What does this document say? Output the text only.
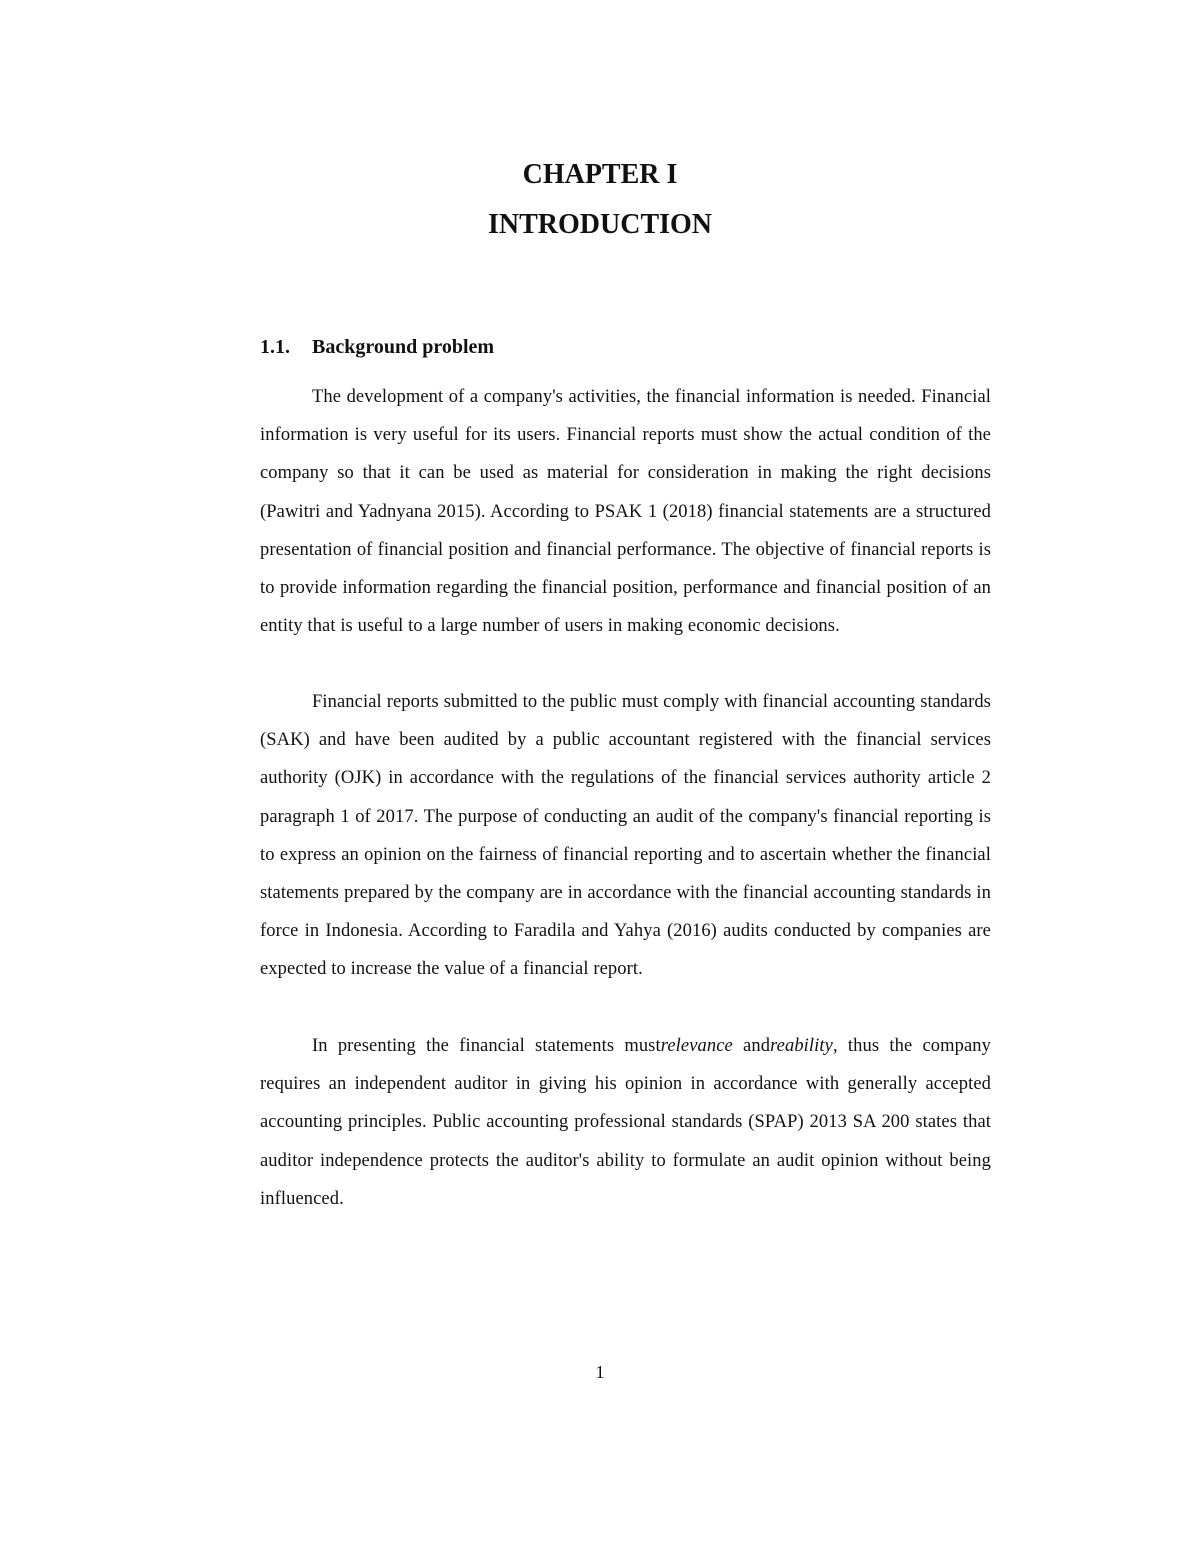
CHAPTER I
INTRODUCTION
1.1.	Background problem

The development of a company's activities, the financial information is needed. Financial information is very useful for its users. Financial reports must show the actual condition of the company so that it can be used as material for consideration in making the right decisions (Pawitri and Yadnyana 2015). According to PSAK 1 (2018) financial statements are a structured presentation of financial position and financial performance. The objective of financial reports is to provide information regarding the financial position, performance and financial position of an entity that is useful to a large number of users in making economic decisions.

Financial reports submitted to the public must comply with financial accounting standards (SAK) and have been audited by a public accountant registered with the financial services authority (OJK) in accordance with the regulations of the financial services authority article 2 paragraph 1 of 2017. The purpose of conducting an audit of the company's financial reporting is to express an opinion on the fairness of financial reporting and to ascertain whether the financial statements prepared by the company are in accordance with the financial accounting standards in force in Indonesia. According to Faradila and Yahya (2016) audits conducted by companies are expected to increase the value of a financial report.

In presenting the financial statements mustrelevance andreability, thus the company requires an independent auditor in giving his opinion in accordance with generally accepted accounting principles. Public accounting professional standards (SPAP) 2013 SA 200 states that auditor independence protects the auditor's ability to formulate an audit opinion without being influenced.

1
